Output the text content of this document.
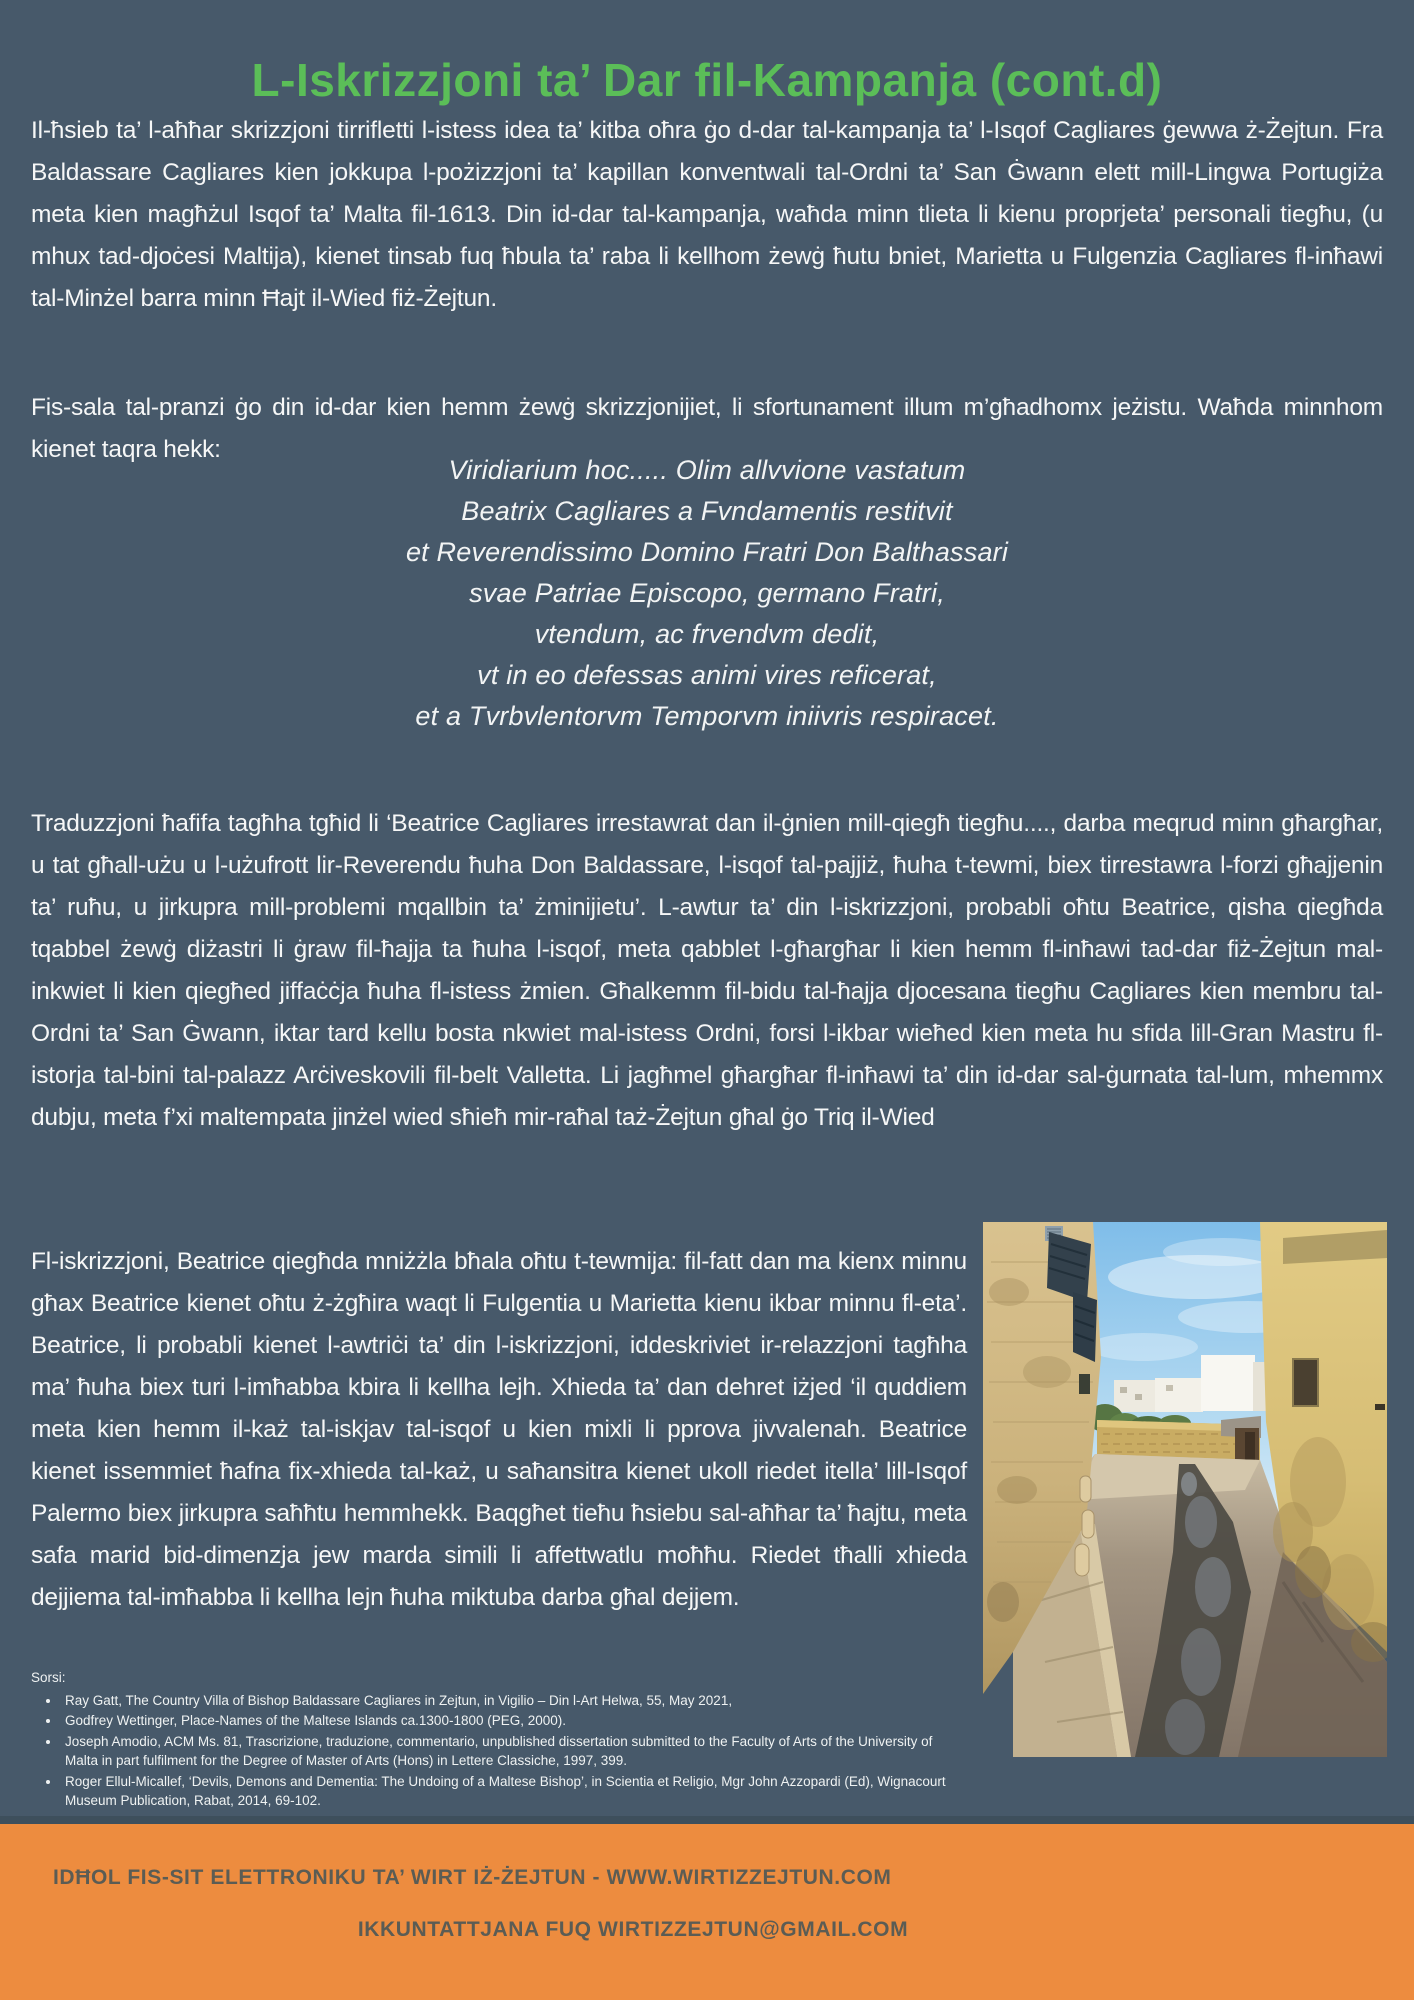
L-Iskrizzjoni ta’ Dar fil-Kampanja (cont.d)

Il-ħsieb ta’ l-aħħar skrizzjoni tirrifletti l-istess idea ta’ kitba oħra ġo d-dar tal-kampanja ta’ l-Isqof Cagliares ġewwa ż-Żejtun. Fra Baldassare Cagliares kien jokkupa l-pożizzjoni ta’ kapillan konventwali tal-Ordni ta’ San Ġwann elett mill-Lingwa Portugiża meta kien magħżul Isqof ta’ Malta fil-1613. Din id-dar tal-kampanja, waħda minn tlieta li kienu proprjeta’ personali tiegħu, (u mhux tad-djoċesi Maltija), kienet tinsab fuq ħbula ta’ raba li kellhom żewġ ħutu bniet, Marietta u Fulgenzia Cagliares fl-inħawi tal-Minżel barra minn Ħajt il-Wied fiż-Żejtun.

Fis-sala tal-pranzi ġo din id-dar kien hemm żewġ skrizzjonijiet, li sfortunament illum m’għadhomx jeżistu. Waħda minnhom kienet taqra hekk:

Viridiarium hoc..... Olim allvvione vastatum
Beatrix Cagliares a Fvndamentis restitvit
et Reverendissimo Domino Fratri Don Balthassari
svae Patriae Episcopo, germano Fratri,
vtendum, ac frvendvm dedit,
vt in eo defessas animi vires reficerat,
et a Tvrbvlentorvm Temporvm iniivris respiracet.

Traduzzjoni ħafifa tagħha tgħid li ‘Beatrice Cagliares irrestawrat dan il-ġnien mill-qiegħ tiegħu...., darba meqrud minn għargħar, u tat għall-użu u l-użufrott lir-Reverendu ħuha Don Baldassare, l-isqof tal-pajjiż, ħuha t-tewmi, biex tirrestawra l-forzi għajjenin ta’ ruħu, u jirkupra mill-problemi mqallbin ta’ żminijietu’. L-awtur ta’ din l-iskrizzjoni, probabli oħtu Beatrice, qisha qiegħda tqabbel żewġ diżastri li ġraw fil-ħajja ta ħuha l-isqof, meta qabblet l-għargħar li kien hemm fl-inħawi tad-dar fiż-Żejtun mal-inkwiet li kien qiegħed jiffaċċja ħuha fl-istess żmien. Għalkemm fil-bidu tal-ħajja djocesana tiegħu Cagliares kien membru tal-Ordni ta’ San Ġwann, iktar tard kellu bosta nkwiet mal-istess Ordni, forsi l-ikbar wieħed kien meta hu sfida lill-Gran Mastru fl-istorja tal-bini tal-palazz Arċiveskovili fil-belt Valletta. Li jagħmel għargħar fl-inħawi ta’ din id-dar sal-ġurnata tal-lum, mhemmx dubju, meta f’xi maltempata jinżel wied sħieħ mir-raħal taż-Żejtun għal ġo Triq il-Wied

Fl-iskrizzjoni, Beatrice qiegħda mniżżla bħala oħtu t-tewmija: fil-fatt dan ma kienx minnu għax Beatrice kienet oħtu ż-żgħira waqt li Fulgentia u Marietta kienu ikbar minnu fl-eta’. Beatrice, li probabli kienet l-awtriċi ta’ din l-iskrizzjoni, iddeskriviet ir-relazzjoni tagħha ma’ ħuha biex turi l-imħabba kbira li kellha lejh. Xhieda ta’ dan dehret iżjed ‘il quddiem meta kien hemm il-każ tal-iskjav tal-isqof u kien mixli li pprova jivvalenah. Beatrice kienet issemmiet ħafna fix-xhieda tal-każ, u saħansitra kienet ukoll riedet itella’ lill-Isqof Palermo biex jirkupra saħħtu hemmhekk. Baqgħet tieħu ħsiebu sal-aħħar ta’ ħajtu, meta safa marid bid-dimenzja jew marda simili li affettwatlu moħħu. Riedet tħalli xhieda dejjiema tal-imħabba li kellha lejn ħuha miktuba darba għal dejjem.

Sorsi:

• Ray Gatt, The Country Villa of Bishop Baldassare Cagliares in Zejtun, in Vigilio – Din l-Art Helwa, 55, May 2021,
• Godfrey Wettinger, Place-Names of the Maltese Islands ca.1300-1800 (PEG, 2000).
• Joseph Amodio, ACM Ms. 81, Trascrizione, traduzione, commentario, unpublished dissertation submitted to the Faculty of Arts of the University of Malta in part fulfilment for the Degree of Master of Arts (Hons) in Lettere Classiche, 1997, 399.
• Roger Ellul-Micallef, ‘Devils, Demons and Dementia: The Undoing of a Maltese Bishop’, in Scientia et Religio, Mgr John Azzopardi (Ed), Wignacourt Museum Publication, Rabat, 2014, 69-102.
IDĦOL FIS-SIT ELETTRONIKU TA’ WIRT IŻ-ŻEJTUN - WWW.WIRTIZZEJTUN.COM
IKKUNTATTJANA FUQ WIRTIZZEJTUN@GMAIL.COM
